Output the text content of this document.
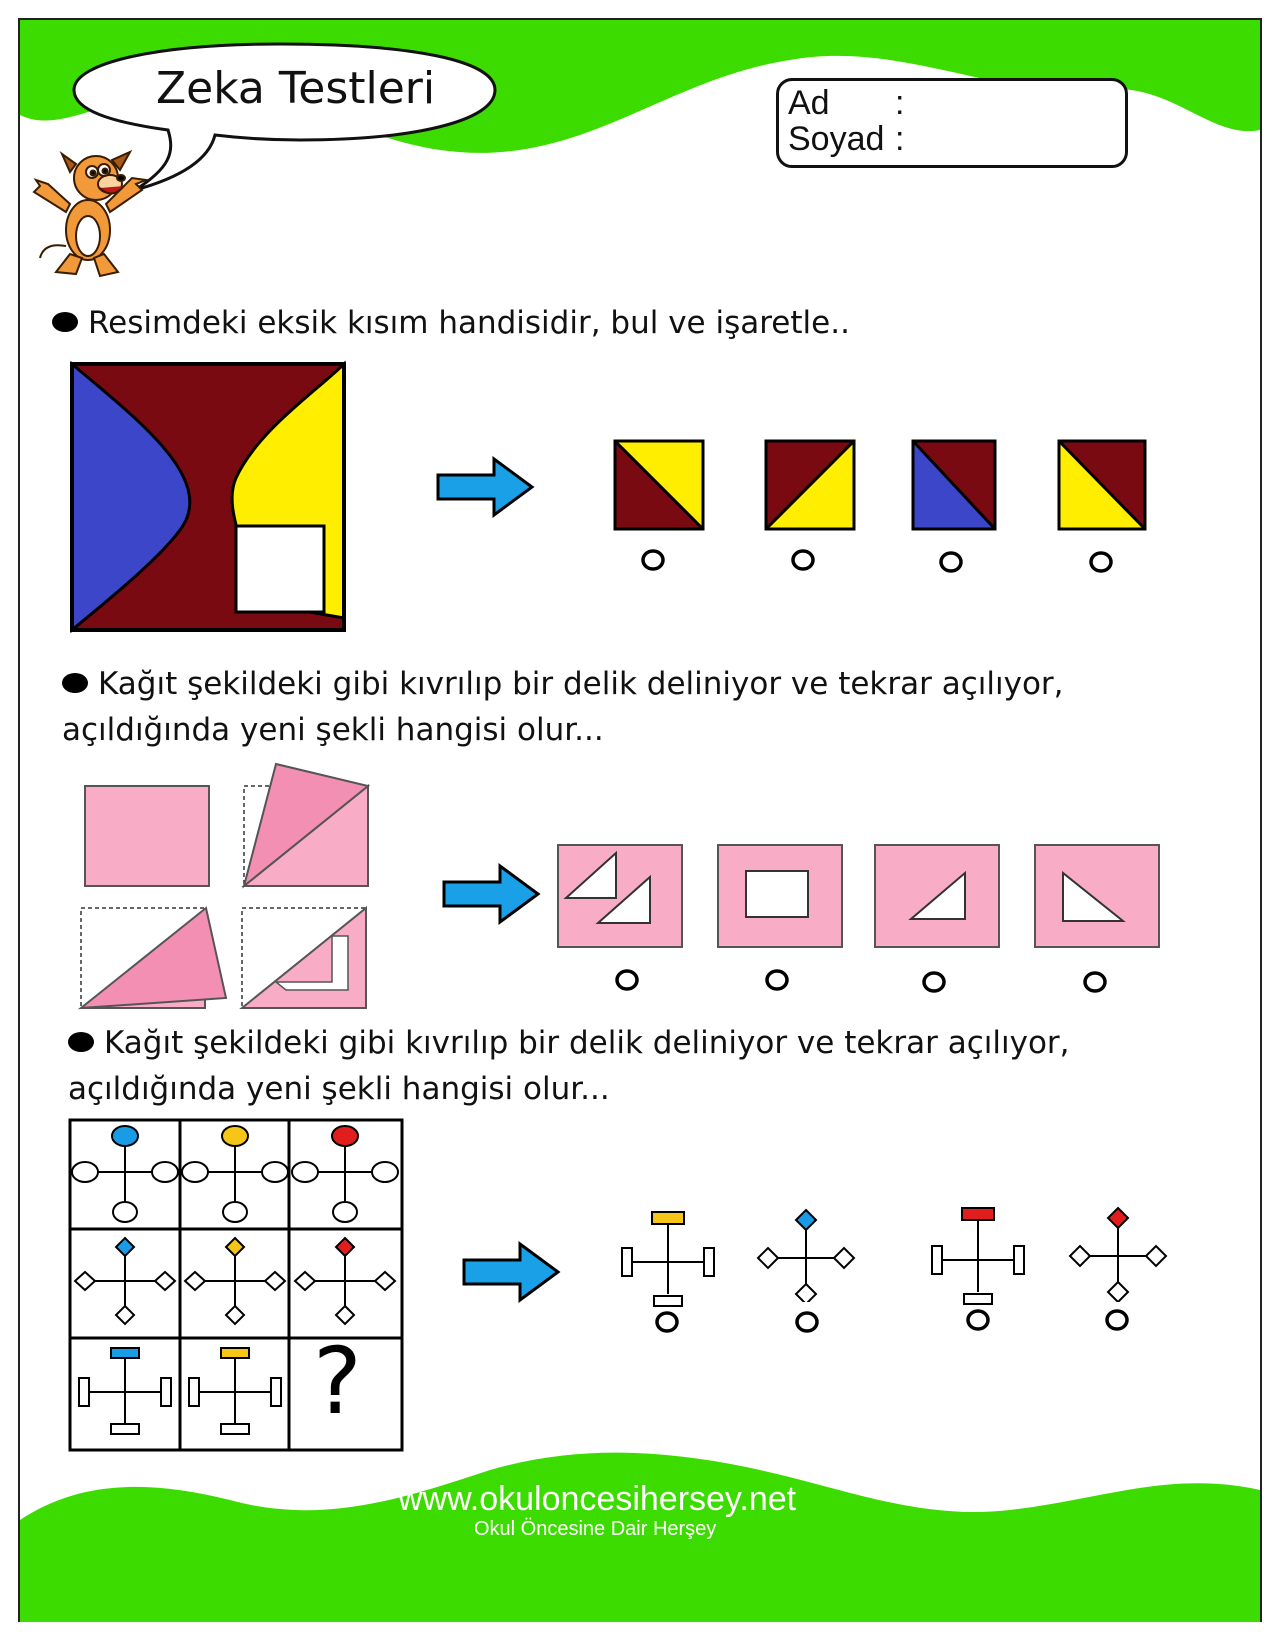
Zeka Testleri	Ad :
Soyad :
Resimdeki eksik kısım handisidir, bul ve işaretle..
Kağıt şekildeki gibi kıvrılıp bir delik deliniyor ve tekrar açılıyor,
açıldığında yeni şekli hangisi olur...
Kağıt şekildeki gibi kıvrılıp bir delik deliniyor ve tekrar açılıyor,
açıldığında yeni şekli hangisi olur...
?
www.okuloncesihersey.net
Okul Öncesine Dair Herşey
